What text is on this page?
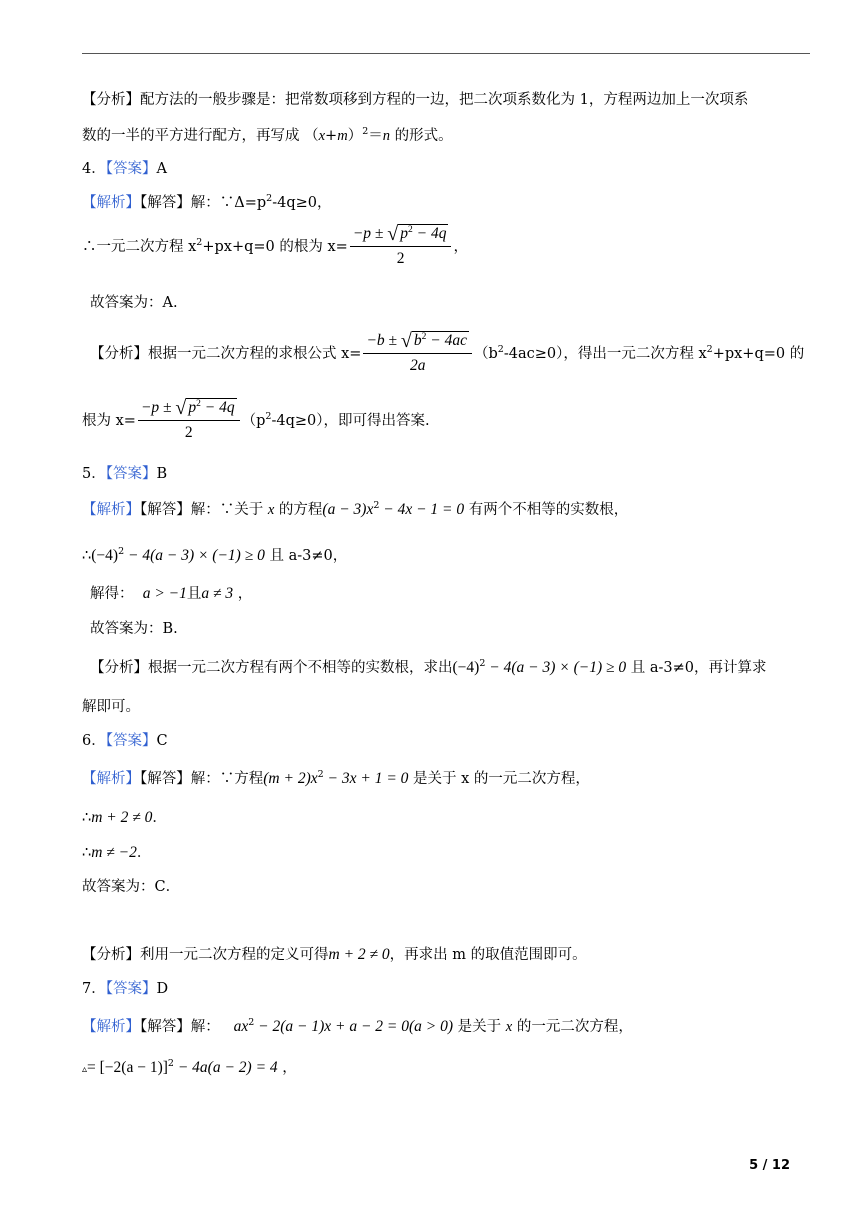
【分析】配方法的一般步骤是：把常数项移到方程的一边，把二次项系数化为 1，方程两边加上一次项系
数的一半的平方进行配方，再写成 $(x+m)^2=n$ 的形式。
4．【答案】A
【解析】【解答】解：$\because\Delta=p^2-4q\ge 0$，
∴一元二次方程 $x^2+px+q=0$ 的根为 $x= \frac{-p \pm √ p^2 - 4q}{2}$ ，
故答案为：A.
【分析】根据一元二次方程的求根公式 $x= \frac{-b \pm √ b^2 - 4ac}{2a} (b^2-4ac\ge 0)$，得出一元二次方程 $x^2+px+q=0$ 的
根为 $x= \frac{-p \pm √ p^2 - 4q}{2} (p^2-4q\ge 0)$，即可得出答案.
5．【答案】B
【解析】【解答】解：∵关于 x 的方程$(a - 3)x^2 - 4x - 1 = 0$ 有两个不相等的实数根，
$\therefore(-4)^2 - 4(a - 3) \times (-1) \ge 0$ 且 a-3≠0，
解得： a > −1且a ≠ 3 ，
故答案为：B.
【分析】根据一元二次方程有两个不相等的实数根，求出$(-4)^2 - 4(a - 3) \times (-1) \ge 0$ 且 a-3≠0，再计算求
解即可。
6．【答案】C
【解析】【解答】解：∵方程$(m + 2)x^2 - 3x + 1 = 0$ 是关于 x 的一元二次方程，
∴m + 2 ≠ 0．
∴m ≠ −2．
故答案为：C．
【分析】利用一元二次方程的定义可得m + 2 ≠ 0，再求出 m 的取值范围即可。
7．【答案】D
【解析】【解答】解： $ax^2 - 2(a - 1)x + a - 2 = 0(a > 0)$ 是关于 x 的一元二次方程，
▵= $[-2(a - 1)]^2 - 4a(a - 2) = 4$ ，
5 / 12
